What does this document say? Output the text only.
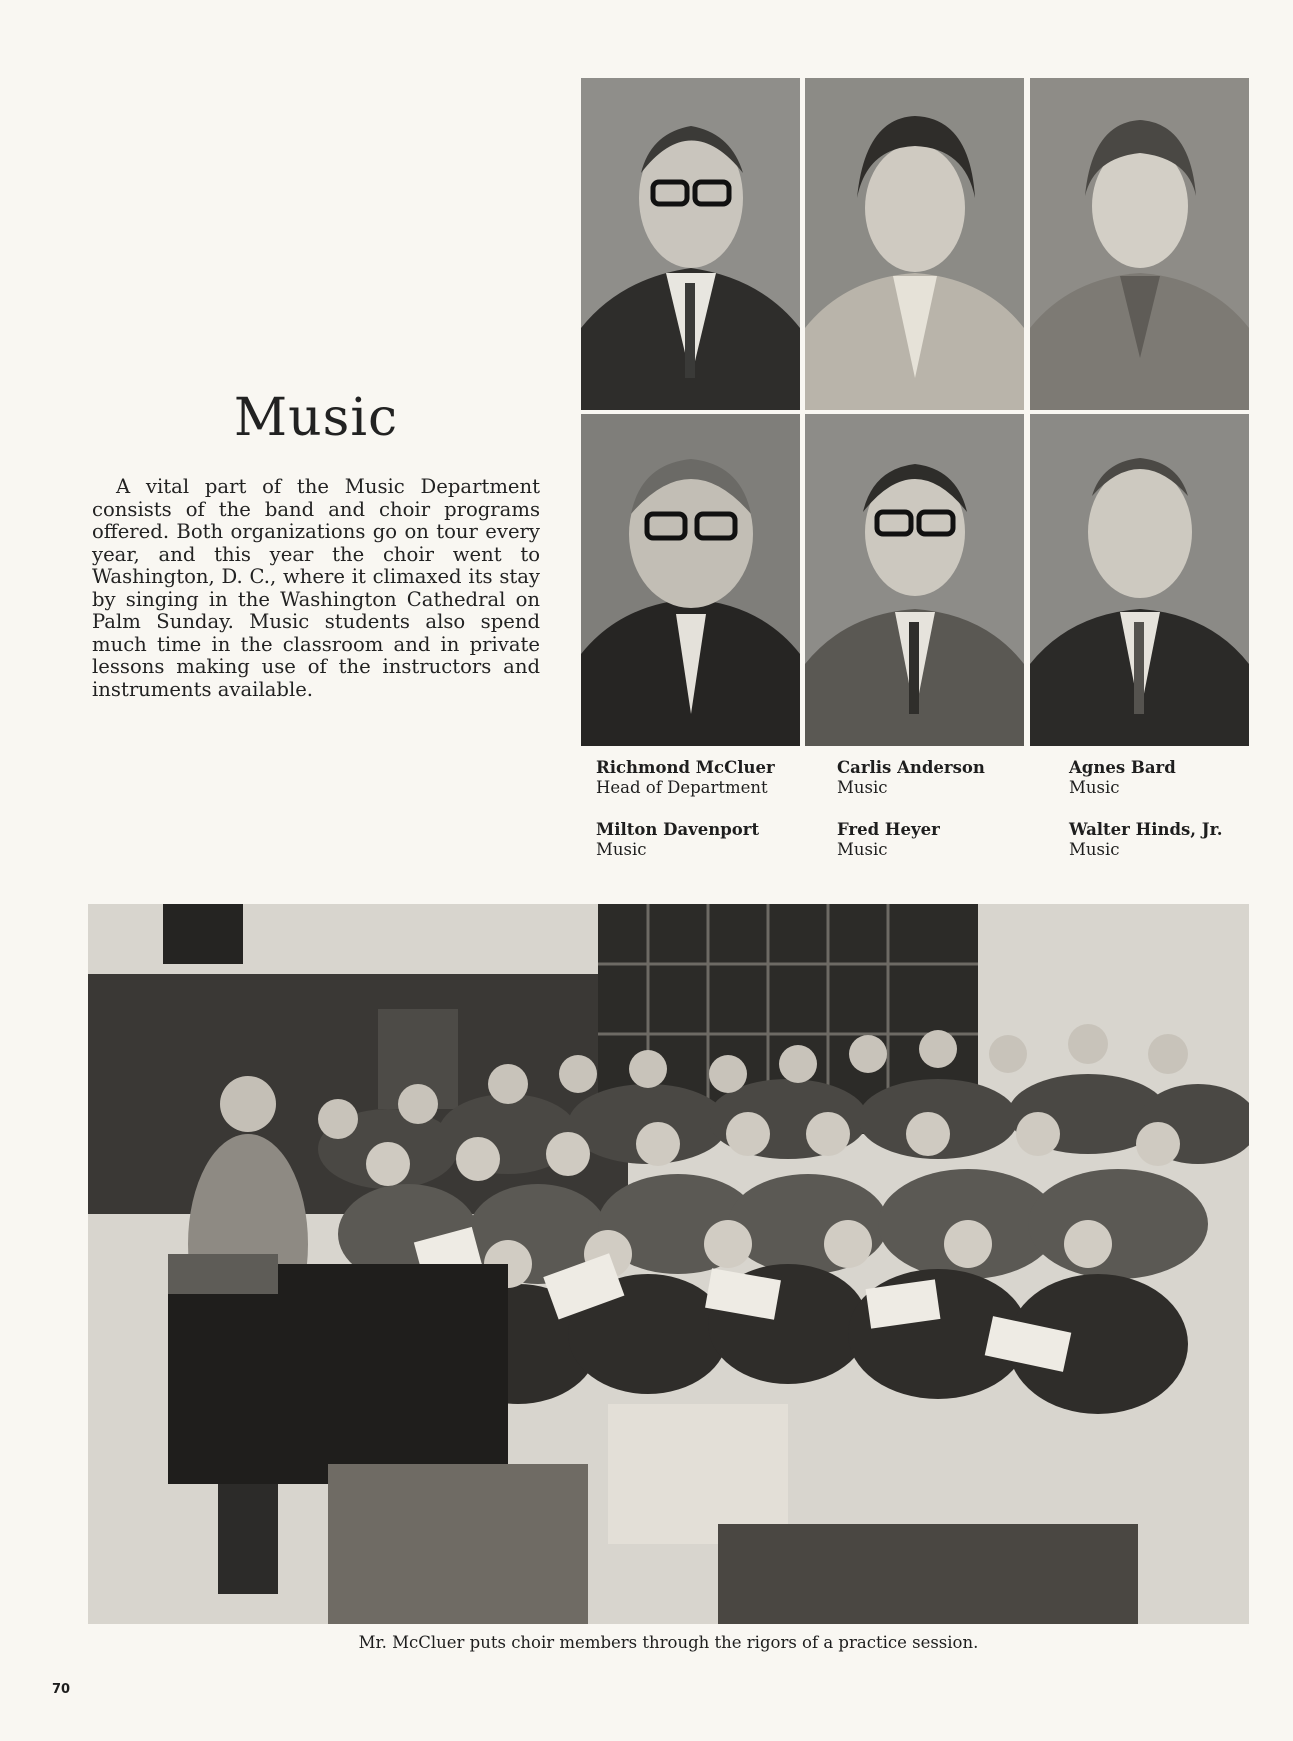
Music

A vital part of the Music Department consists of the band and choir programs offered. Both organizations go on tour every year, and this year the choir went to Washington, D. C., where it climaxed its stay by singing in the Washington Cathedral on Palm Sunday. Music students also spend much time in the classroom and in private lessons making use of the instructors and instruments available.

Richmond McCluer
Head of Department
Carlis Anderson
Music
Agnes Bard
Music
Milton Davenport
Music
Fred Heyer
Music
Walter Hinds, Jr.
Music
Mr. McCluer puts choir members through the rigors of a practice session.
70
